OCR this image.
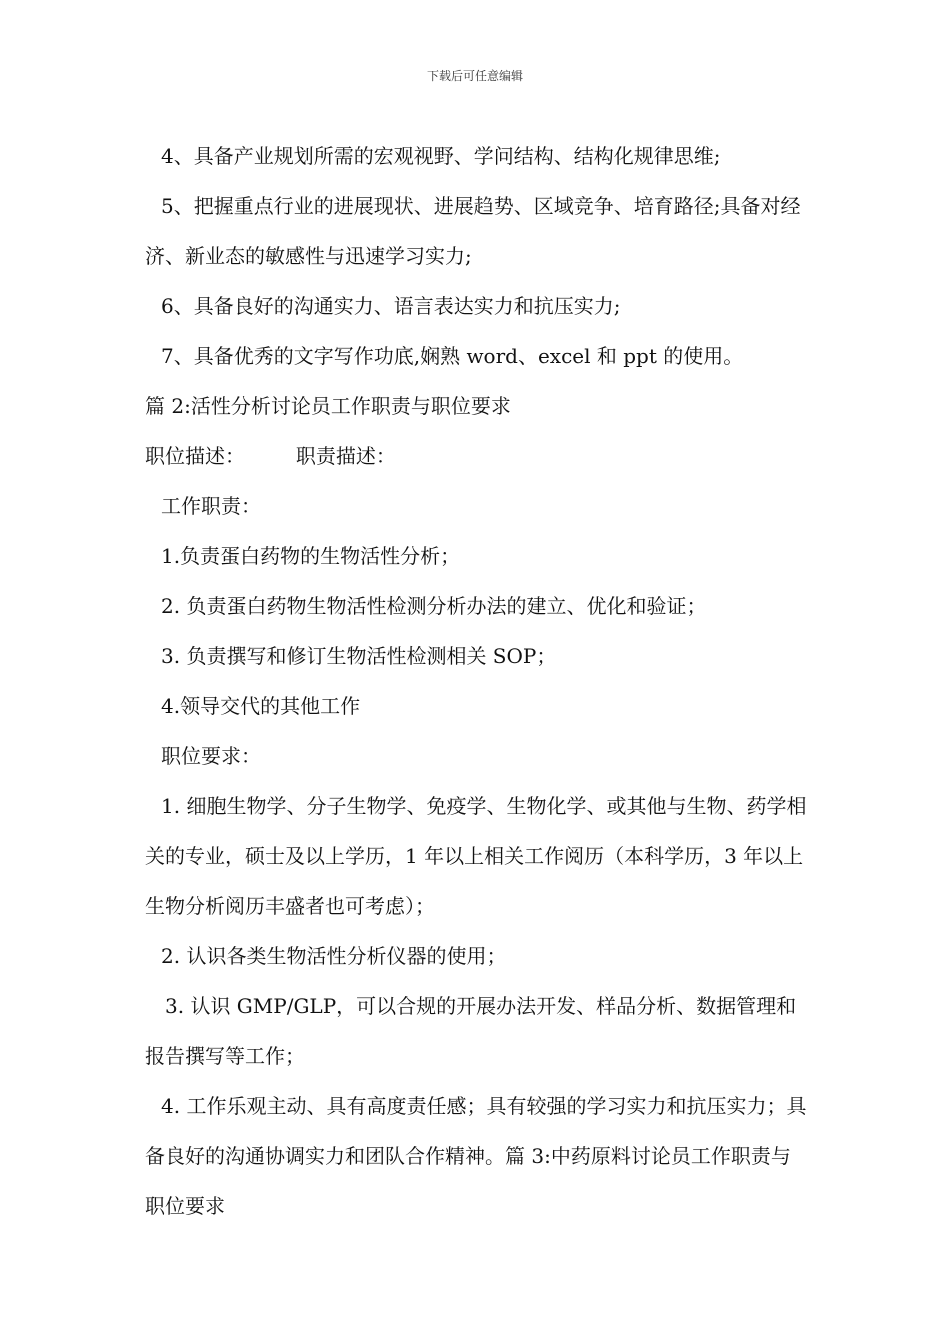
下载后可任意编辑

4、具备产业规划所需的宏观视野、学问结构、结构化规律思维;

5、把握重点行业的进展现状、进展趋势、区域竞争、培育路径;具备对经济、新业态的敏感性与迅速学习实力;

6、具备良好的沟通实力、语言表达实力和抗压实力;

7、具备优秀的文字写作功底,娴熟 word、excel 和 ppt 的使用。

篇 2:活性分析讨论员工作职责与职位要求

职位描述：        职责描述：

工作职责：

1.负责蛋白药物的生物活性分析；

2. 负责蛋白药物生物活性检测分析办法的建立、优化和验证；

3. 负责撰写和修订生物活性检测相关 SOP；

4.领导交代的其他工作

职位要求：

1. 细胞生物学、分子生物学、免疫学、生物化学、或其他与生物、药学相关的专业，硕士及以上学历，1 年以上相关工作阅历（本科学历，3 年以上生物分析阅历丰盛者也可考虑）；

2. 认识各类生物活性分析仪器的使用；

3. 认识 GMP/GLP，可以合规的开展办法开发、样品分析、数据管理和报告撰写等工作；

4. 工作乐观主动、具有高度责任感；具有较强的学习实力和抗压实力；具备良好的沟通协调实力和团队合作精神。篇 3:中药原料讨论员工作职责与职位要求
